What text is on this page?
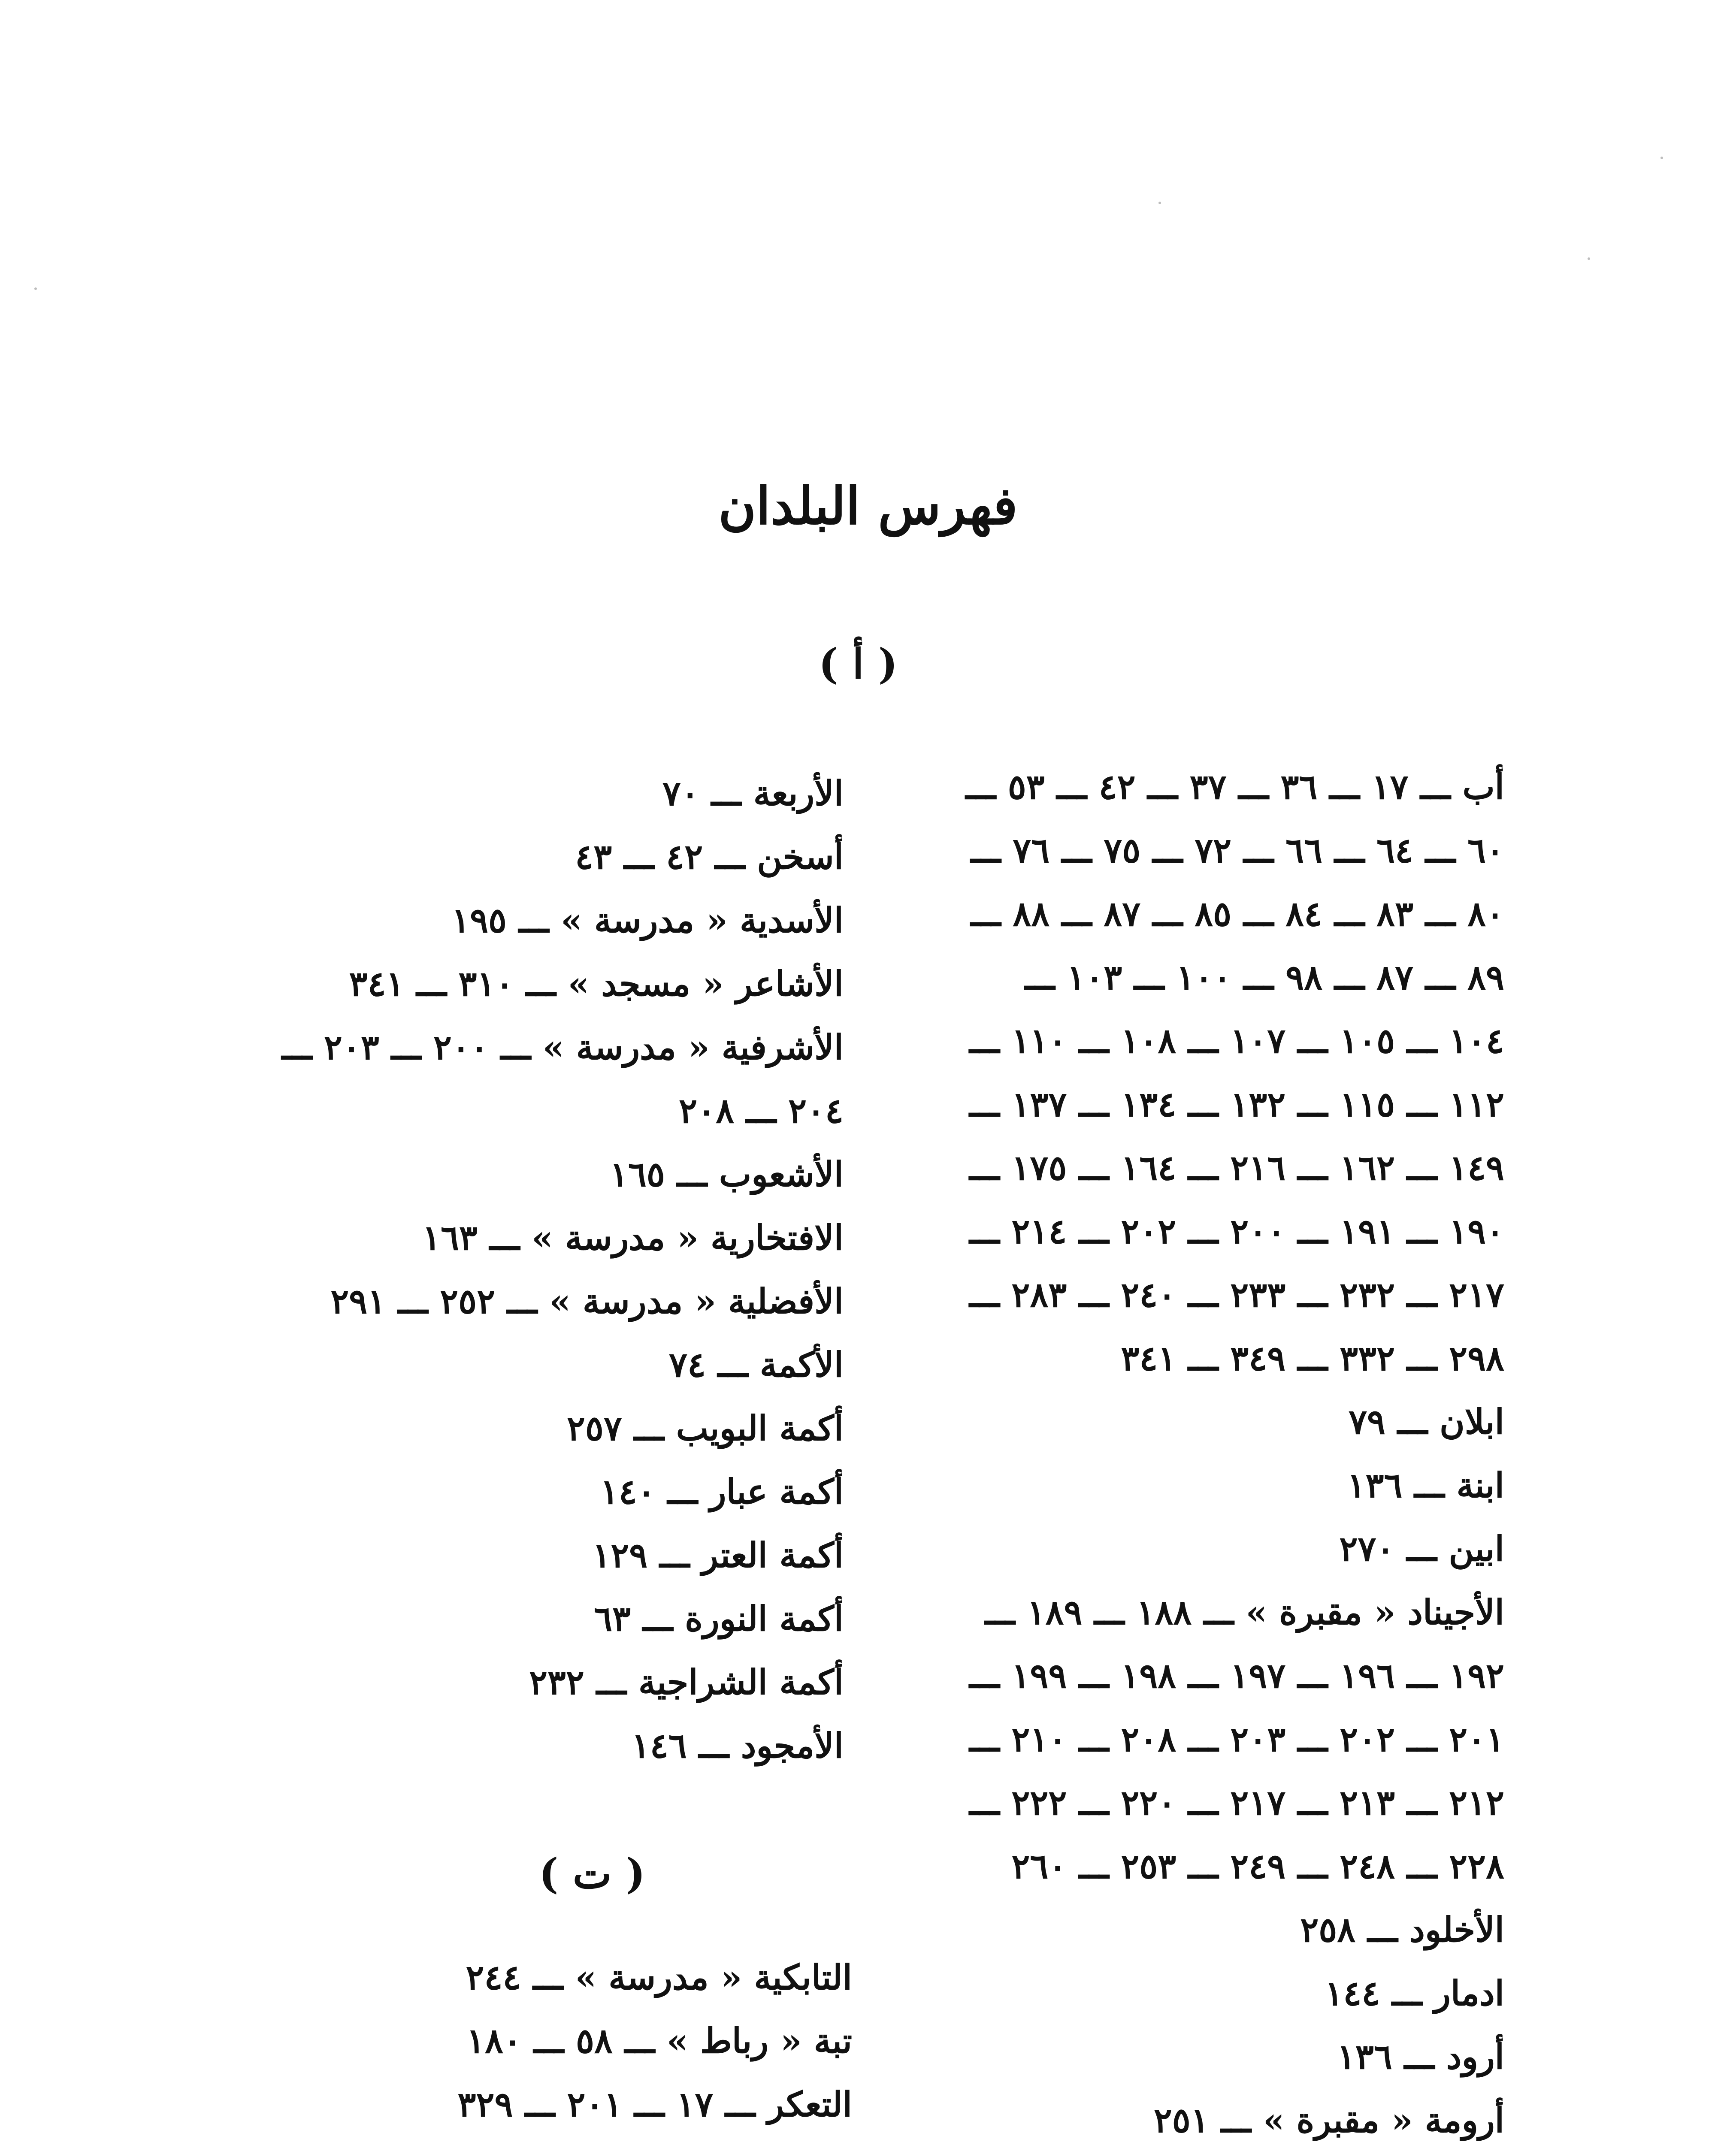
فهرس البلدان
( أ )
أب ـــ ١٧ ـــ ٣٦ ـــ ٣٧ ـــ ٤٢ ـــ ٥٣ ـــ
٦٠ ـــ ٦٤ ـــ ٦٦ ـــ ٧٢ ـــ ٧٥ ـــ ٧٦ ـــ
٨٠ ـــ ٨٣ ـــ ٨٤ ـــ ٨٥ ـــ ٨٧ ـــ ٨٨ ـــ
٨٩ ـــ ٨٧ ـــ ٩٨ ـــ ١٠٠ ـــ ١٠٣ ـــ
١٠٤ ـــ ١٠٥ ـــ ١٠٧ ـــ ١٠٨ ـــ ١١٠ ـــ
١١٢ ـــ ١١٥ ـــ ١٣٢ ـــ ١٣٤ ـــ ١٣٧ ـــ
١٤٩ ـــ ١٦٢ ـــ ٢١٦ ـــ ١٦٤ ـــ ١٧٥ ـــ
١٩٠ ـــ ١٩١ ـــ ٢٠٠ ـــ ٢٠٢ ـــ ٢١٤ ـــ
٢١٧ ـــ ٢٣٢ ـــ ٢٣٣ ـــ ٢٤٠ ـــ ٢٨٣ ـــ
٢٩٨ ـــ ٣٣٢ ـــ ٣٤٩ ـــ ٣٤١
ابلان ـــ ٧٩
ابنة ـــ ١٣٦
ابين ـــ ٢٧٠
الأجيناد « مقبرة » ـــ ١٨٨ ـــ ١٨٩ ـــ
١٩٢ ـــ ١٩٦ ـــ ١٩٧ ـــ ١٩٨ ـــ ١٩٩ ـــ
٢٠١ ـــ ٢٠٢ ـــ ٢٠٣ ـــ ٢٠٨ ـــ ٢١٠ ـــ
٢١٢ ـــ ٢١٣ ـــ ٢١٧ ـــ ٢٢٠ ـــ ٢٢٢ ـــ
٢٢٨ ـــ ٢٤٨ ـــ ٢٤٩ ـــ ٢٥٣ ـــ ٢٦٠
الأخلود ـــ ٢٥٨
ادمار ـــ ١٤٤
أرود ـــ ١٣٦
أرومة « مقبرة » ـــ ٢٥١
الأربعة ـــ ٧٠
أسخن ـــ ٤٢ ـــ ٤٣
الأسدية « مدرسة » ـــ ١٩٥
الأشاعر « مسجد » ـــ ٣١٠ ـــ ٣٤١
الأشرفية « مدرسة » ـــ ٢٠٠ ـــ ٢٠٣ ـــ
٢٠٤ ـــ ٢٠٨
الأشعوب ـــ ١٦٥
الافتخارية « مدرسة » ـــ ١٦٣
الأفضلية « مدرسة » ـــ ٢٥٢ ـــ ٢٩١
الأكمة ـــ ٧٤
أكمة البويب ـــ ٢٥٧
أكمة عبار ـــ ١٤٠
أكمة العتر ـــ ١٢٩
أكمة النورة ـــ ٦٣
أكمة الشراجية ـــ ٢٣٢
الأمجود ـــ ١٤٦
( ت )
التابكية « مدرسة » ـــ ٢٤٤
تبة « رباط » ـــ ٥٨ ـــ ١٨٠
التعكر ـــ ١٧ ـــ ٢٠١ ـــ ٣٢٩
